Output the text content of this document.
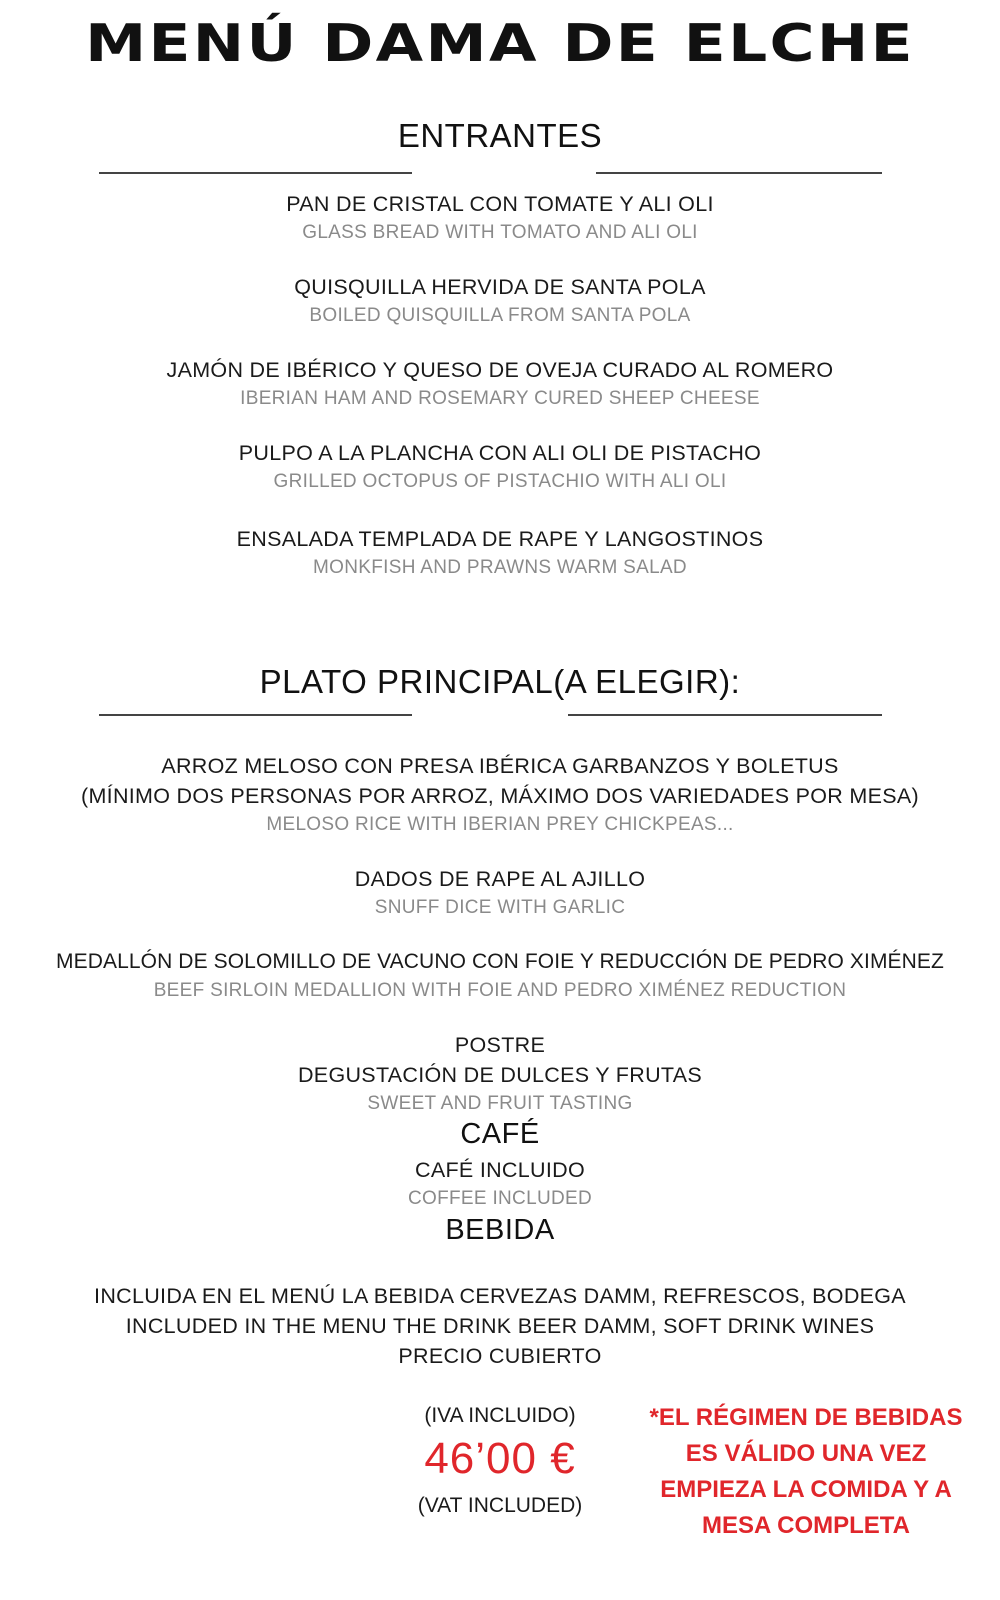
MENÚ DAMA DE ELCHE
ENTRANTES
PAN DE CRISTAL CON TOMATE Y ALI OLI
GLASS BREAD WITH TOMATO AND ALI OLI
QUISQUILLA HERVIDA DE SANTA POLA
BOILED QUISQUILLA FROM SANTA POLA
JAMÓN DE IBÉRICO Y QUESO DE OVEJA CURADO AL ROMERO
IBERIAN HAM AND ROSEMARY CURED SHEEP CHEESE
PULPO A LA PLANCHA CON ALI OLI DE PISTACHO
GRILLED OCTOPUS OF PISTACHIO WITH ALI OLI
ENSALADA TEMPLADA DE RAPE Y LANGOSTINOS
MONKFISH AND PRAWNS WARM SALAD
PLATO PRINCIPAL(A ELEGIR):
ARROZ MELOSO CON PRESA IBÉRICA GARBANZOS Y BOLETUS
(MÍNIMO DOS PERSONAS POR ARROZ, MÁXIMO DOS VARIEDADES POR MESA)
MELOSO RICE WITH IBERIAN PREY CHICKPEAS...
DADOS DE RAPE AL AJILLO
SNUFF DICE WITH GARLIC
MEDALLÓN DE SOLOMILLO DE VACUNO CON FOIE Y REDUCCIÓN DE PEDRO XIMÉNEZ
BEEF SIRLOIN MEDALLION WITH FOIE AND PEDRO XIMÉNEZ REDUCTION
POSTRE
DEGUSTACIÓN DE DULCES Y FRUTAS
SWEET AND FRUIT TASTING
CAFÉ
CAFÉ INCLUIDO
COFFEE INCLUDED
BEBIDA
INCLUIDA EN EL MENÚ LA BEBIDA CERVEZAS DAMM, REFRESCOS, BODEGA
INCLUDED IN THE MENU THE DRINK BEER DAMM, SOFT DRINK WINES
PRECIO CUBIERTO
(IVA INCLUIDO)
46’00 €
(VAT INCLUDED)
*EL RÉGIMEN DE BEBIDAS
ES VÁLIDO UNA VEZ
EMPIEZA LA COMIDA Y A
MESA COMPLETA
